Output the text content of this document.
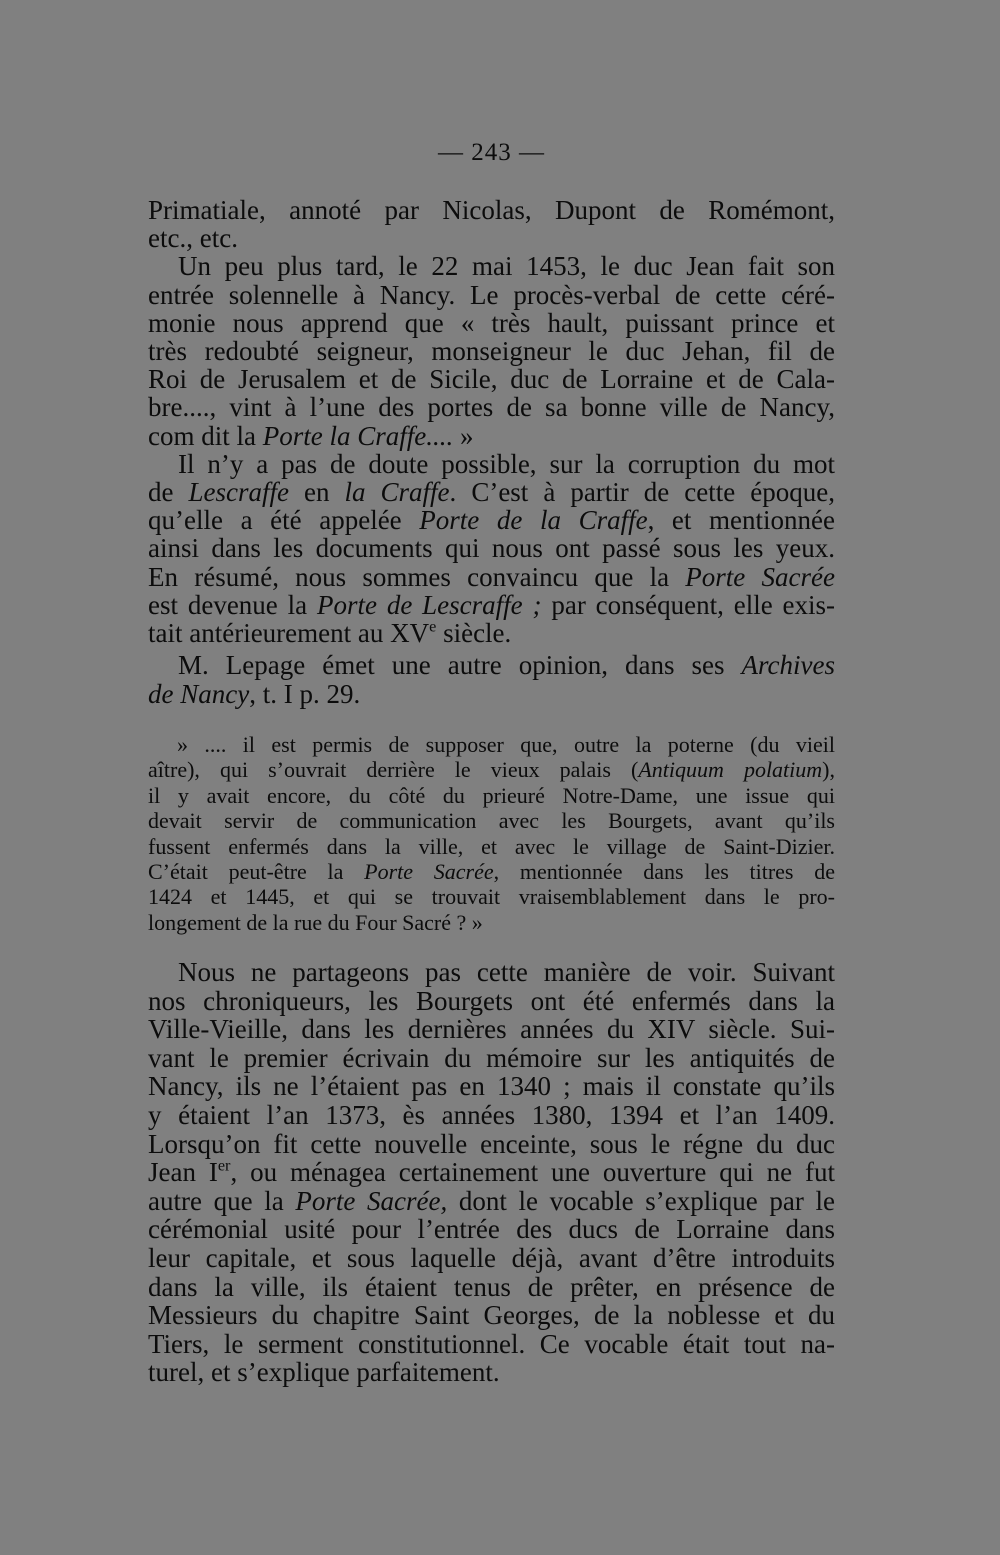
— 243 —
Primatiale, annoté par Nicolas, Dupont de Romémont,
etc., etc.
Un peu plus tard, le 22 mai 1453, le duc Jean fait son
entrée solennelle à Nancy. Le procès-verbal de cette céré-
monie nous apprend que « très hault, puissant prince et
très redoubté seigneur, monseigneur le duc Jehan, fil de
Roi de Jerusalem et de Sicile, duc de Lorraine et de Cala-
bre...., vint à l’une des portes de sa bonne ville de Nancy,
com dit la Porte la Craffe.... »
Il n’y a pas de doute possible, sur la corruption du mot
de Lescraffe en la Craffe. C’est à partir de cette époque,
qu’elle a été appelée Porte de la Craffe, et mentionnée
ainsi dans les documents qui nous ont passé sous les yeux.
En résumé, nous sommes convaincu que la Porte Sacrée
est devenue la Porte de Lescraffe ; par conséquent, elle exis-
tait antérieurement au XVe siècle.
M. Lepage émet une autre opinion, dans ses Archives
de Nancy, t. I p. 29.
» .... il est permis de supposer que, outre la poterne (du vieil
aître), qui s’ouvrait derrière le vieux palais (Antiquum polatium),
il y avait encore, du côté du prieuré Notre-Dame, une issue qui
devait servir de communication avec les Bourgets, avant qu’ils
fussent enfermés dans la ville, et avec le village de Saint-Dizier.
C’était peut-être la Porte Sacrée, mentionnée dans les titres de
1424 et 1445, et qui se trouvait vraisemblablement dans le pro-
longement de la rue du Four Sacré ? »
Nous ne partageons pas cette manière de voir. Suivant
nos chroniqueurs, les Bourgets ont été enfermés dans la
Ville-Vieille, dans les dernières années du XIV siècle. Sui-
vant le premier écrivain du mémoire sur les antiquités de
Nancy, ils ne l’étaient pas en 1340 ; mais il constate qu’ils
y étaient l’an 1373, ès années 1380, 1394 et l’an 1409.
Lorsqu’on fit cette nouvelle enceinte, sous le régne du duc
Jean Ier, ou ménagea certainement une ouverture qui ne fut
autre que la Porte Sacrée, dont le vocable s’explique par le
cérémonial usité pour l’entrée des ducs de Lorraine dans
leur capitale, et sous laquelle déjà, avant d’être introduits
dans la ville, ils étaient tenus de prêter, en présence de
Messieurs du chapitre Saint Georges, de la noblesse et du
Tiers, le serment constitutionnel. Ce vocable était tout na-
turel, et s’explique parfaitement.
